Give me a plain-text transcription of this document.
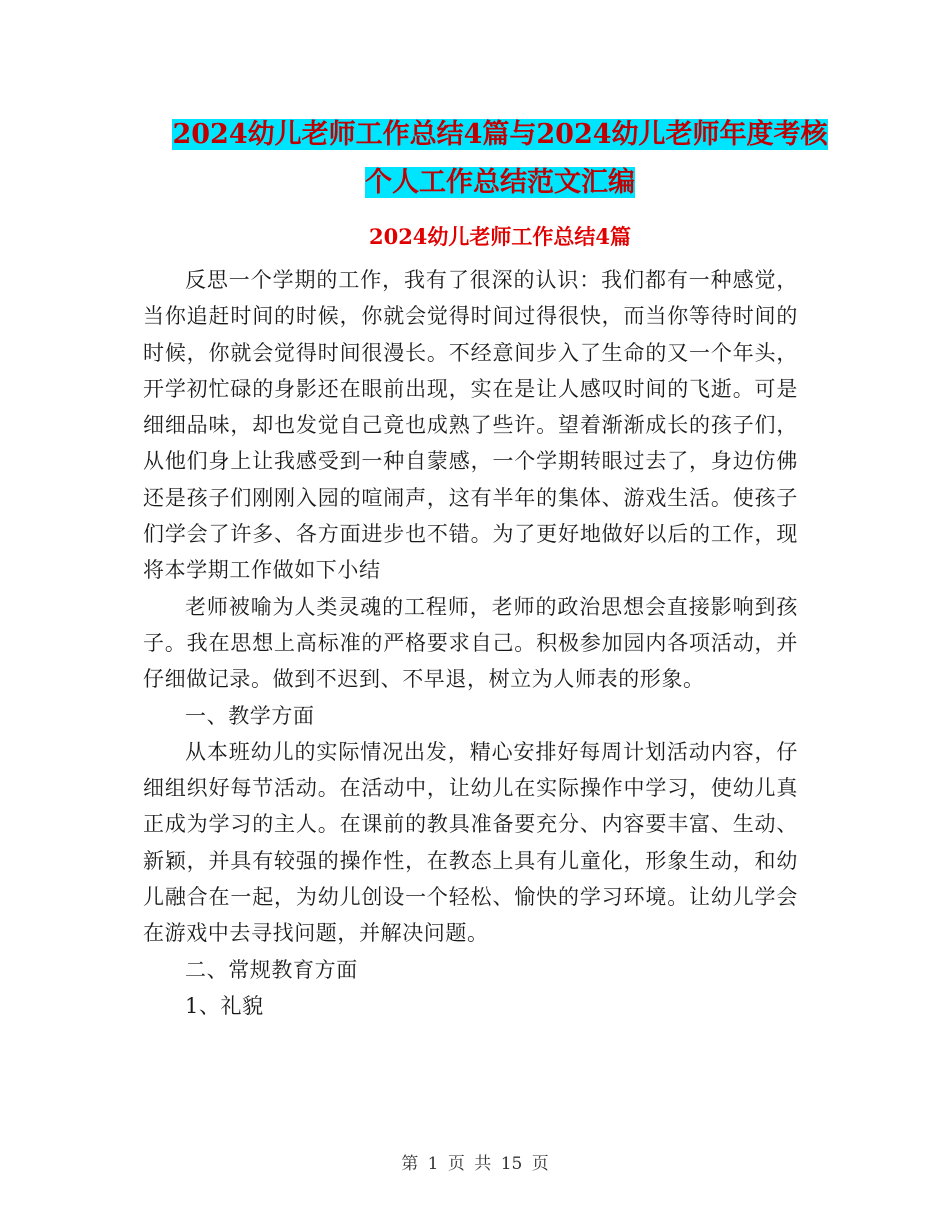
2024幼儿老师工作总结4篇与2024幼儿老师年度考核
个人工作总结范文汇编
2024幼儿老师工作总结4篇

反思一个学期的工作，我有了很深的认识：我们都有一种感觉，当你追赶时间的时候，你就会觉得时间过得很快，而当你等待时间的时候，你就会觉得时间很漫长。不经意间步入了生命的又一个年头，开学初忙碌的身影还在眼前出现，实在是让人感叹时间的飞逝。可是细细品味，却也发觉自己竟也成熟了些许。望着渐渐成长的孩子们，从他们身上让我感受到一种自蒙感，一个学期转眼过去了，身边仿佛还是孩子们刚刚入园的喧闹声，这有半年的集体、游戏生活。使孩子们学会了许多、各方面进步也不错。为了更好地做好以后的工作，现将本学期工作做如下小结

老师被喻为人类灵魂的工程师，老师的政治思想会直接影响到孩子。我在思想上高标准的严格要求自己。积极参加园内各项活动，并仔细做记录。做到不迟到、不早退，树立为人师表的形象。

一、教学方面

从本班幼儿的实际情况出发，精心安排好每周计划活动内容，仔细组织好每节活动。在活动中，让幼儿在实际操作中学习，使幼儿真正成为学习的主人。在课前的教具准备要充分、内容要丰富、生动、新颖，并具有较强的操作性，在教态上具有儿童化，形象生动，和幼儿融合在一起，为幼儿创设一个轻松、愉快的学习环境。让幼儿学会在游戏中去寻找问题，并解决问题。

二、常规教育方面

1、礼貌

第 1 页 共 15 页
